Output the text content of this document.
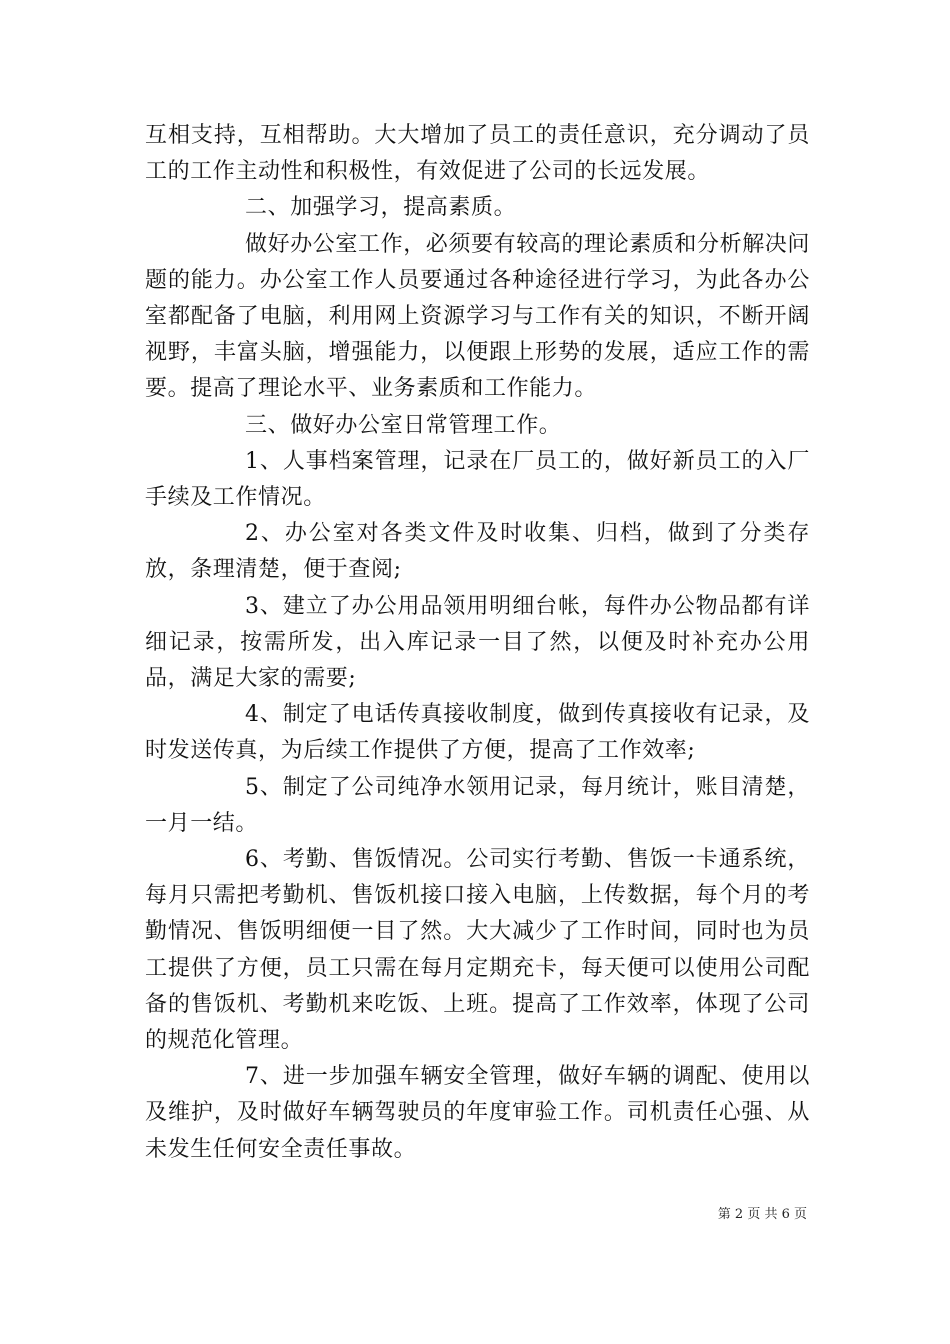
互相支持，互相帮助。大大增加了员工的责任意识，充分调动了员工的工作主动性和积极性，有效促进了公司的长远发展。

二、加强学习，提高素质。

做好办公室工作，必须要有较高的理论素质和分析解决问题的能力。办公室工作人员要通过各种途径进行学习，为此各办公室都配备了电脑，利用网上资源学习与工作有关的知识，不断开阔视野，丰富头脑，增强能力，以便跟上形势的发展，适应工作的需要。提高了理论水平、业务素质和工作能力。

三、做好办公室日常管理工作。

1、人事档案管理，记录在厂员工的，做好新员工的入厂手续及工作情况。

2、办公室对各类文件及时收集、归档，做到了分类存放，条理清楚，便于查阅;

3、建立了办公用品领用明细台帐，每件办公物品都有详细记录，按需所发，出入库记录一目了然，以便及时补充办公用品，满足大家的需要;

4、制定了电话传真接收制度，做到传真接收有记录，及时发送传真，为后续工作提供了方便，提高了工作效率;

5、制定了公司纯净水领用记录，每月统计，账目清楚，一月一结。

6、考勤、售饭情况。公司实行考勤、售饭一卡通系统，每月只需把考勤机、售饭机接口接入电脑，上传数据，每个月的考勤情况、售饭明细便一目了然。大大减少了工作时间，同时也为员工提供了方便，员工只需在每月定期充卡，每天便可以使用公司配备的售饭机、考勤机来吃饭、上班。提高了工作效率，体现了公司的规范化管理。

7、进一步加强车辆安全管理，做好车辆的调配、使用以及维护，及时做好车辆驾驶员的年度审验工作。司机责任心强、从未发生任何安全责任事故。

第 2 页 共 6 页
